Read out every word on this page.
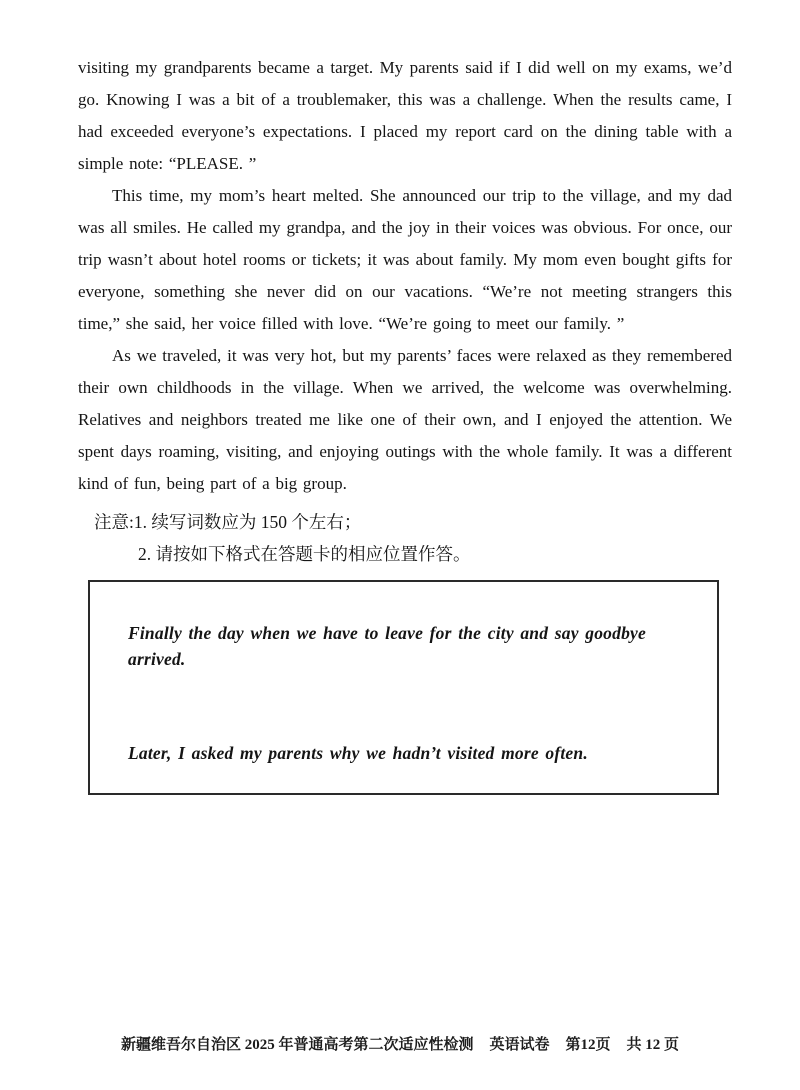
visiting my grandparents became a target. My parents said if I did well on my exams, we’d go. Knowing I was a bit of a troublemaker, this was a challenge. When the results came, I had exceeded everyone’s expectations. I placed my report card on the dining table with a simple note: “PLEASE. ”

This time, my mom’s heart melted. She announced our trip to the village, and my dad was all smiles. He called my grandpa, and the joy in their voices was obvious. For once, our trip wasn’t about hotel rooms or tickets; it was about family. My mom even bought gifts for everyone, something she never did on our vacations. “We’re not meeting strangers this time,” she said, her voice filled with love. “We’re going to meet our family. ”

As we traveled, it was very hot, but my parents’ faces were relaxed as they remembered their own childhoods in the village. When we arrived, the welcome was overwhelming. Relatives and neighbors treated me like one of their own, and I enjoyed the attention. We spent days roaming, visiting, and enjoying outings with the whole family. It was a different kind of fun, being part of a big group.

注意:1. 续写词数应为 150 个左右；

2. 请按如下格式在答题卡的相应位置作答。

Finally the day when we have to leave for the city and say goodbye arrived.

Later, I asked my parents why we hadn’t visited more often.

新疆维吾尔自治区 2025 年普通高考第二次适应性检测 英语试卷 第12页 共 12 页
